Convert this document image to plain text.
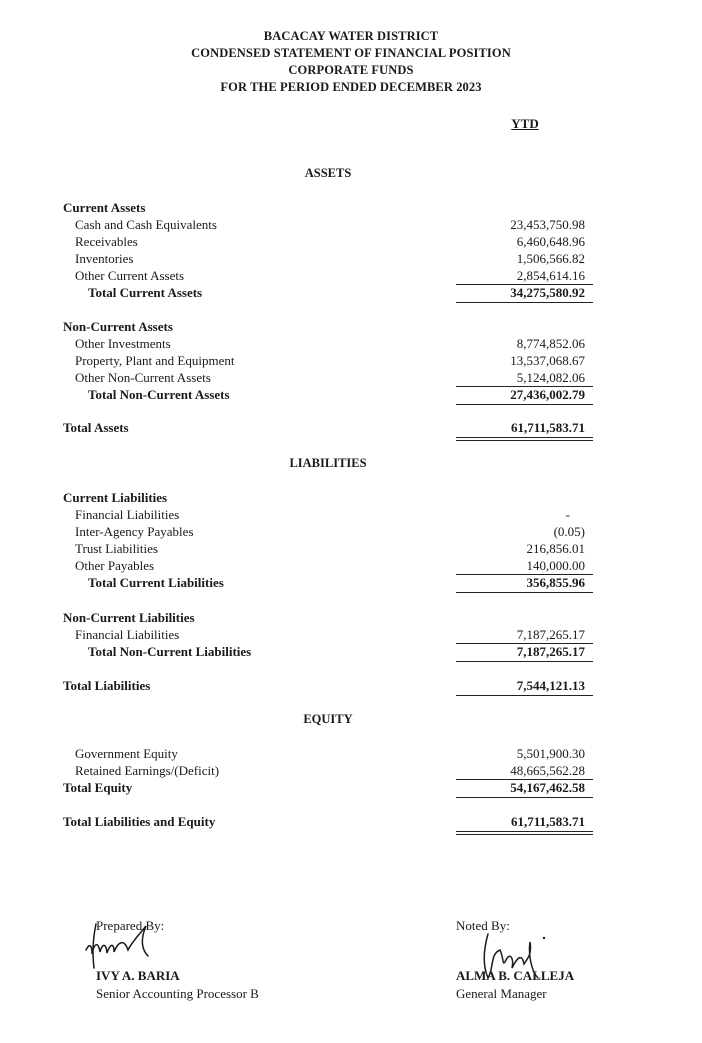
BACACAY WATER DISTRICT
CONDENSED STATEMENT OF FINANCIAL POSITION
CORPORATE FUNDS
FOR THE PERIOD ENDED DECEMBER 2023
YTD
ASSETS
Current Assets
Cash and Cash Equivalents	23,453,750.98
Receivables	6,460,648.96
Inventories	1,506,566.82
Other Current Assets	2,854,614.16
Total Current Assets	34,275,580.92
Non-Current Assets
Other Investments	8,774,852.06
Property, Plant and Equipment	13,537,068.67
Other Non-Current Assets	5,124,082.06
Total Non-Current Assets	27,436,002.79
Total Assets	61,711,583.71
LIABILITIES
Current Liabilities
Financial Liabilities	-
Inter-Agency Payables	(0.05)
Trust Liabilities	216,856.01
Other Payables	140,000.00
Total Current Liabilities	356,855.96
Non-Current Liabilities
Financial Liabilities	7,187,265.17
Total Non-Current Liabilities	7,187,265.17
Total Liabilities	7,544,121.13
EQUITY
Government Equity	5,501,900.30
Retained Earnings/(Deficit)	48,665,562.28
Total Equity	54,167,462.58
Total Liabilities and Equity	61,711,583.71
Prepared By:
IVY A. BARIA
Senior Accounting Processor B
Noted By:
ALMA B. CALLEJA
General Manager
